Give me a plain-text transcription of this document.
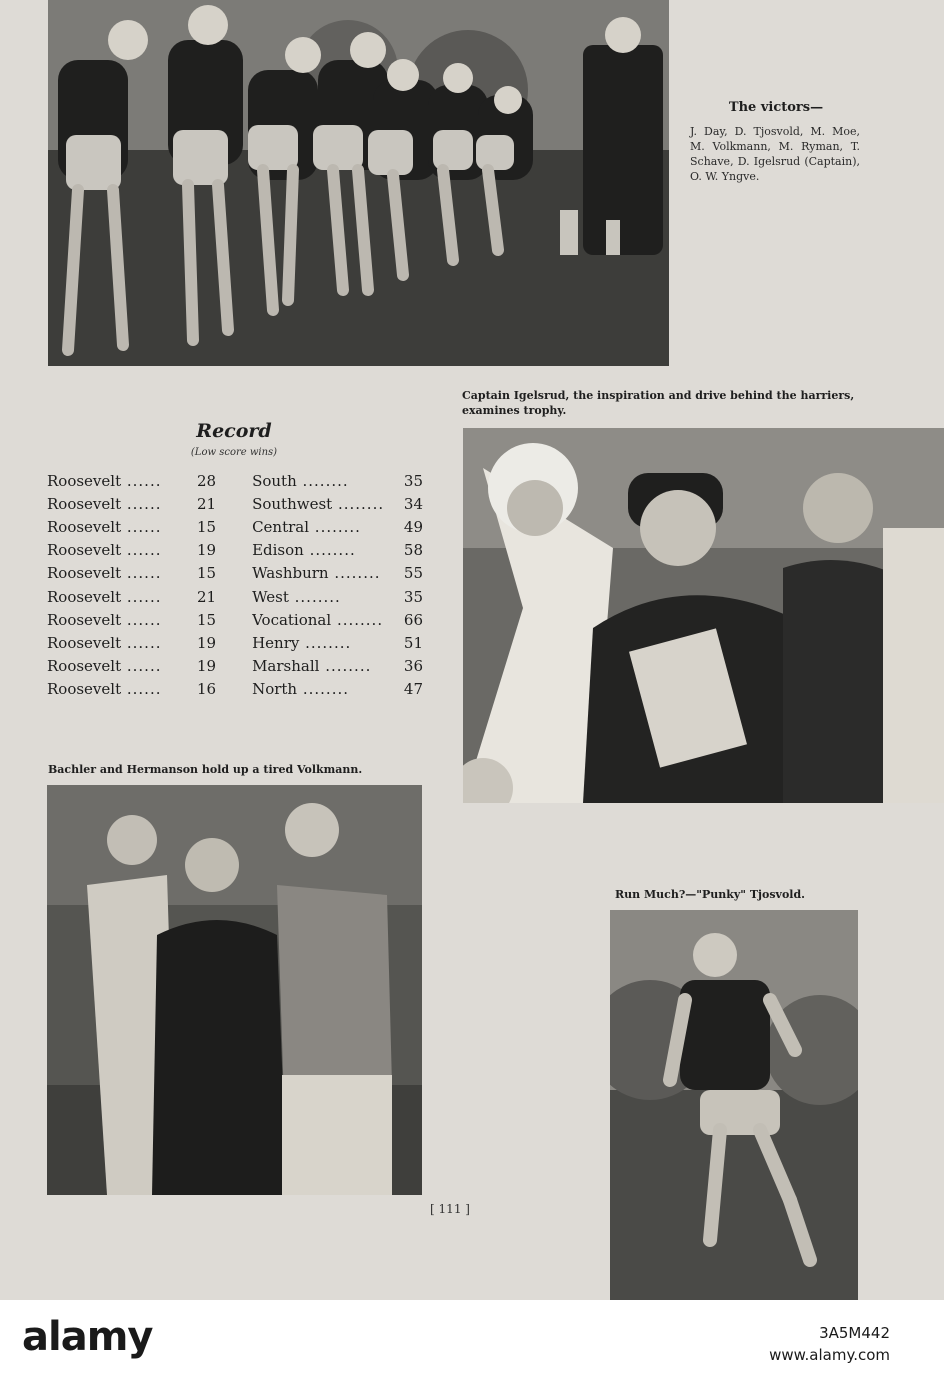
The victors—
J. Day, D. Tjosvold, M. Moe, M. Volkmann, M. Ryman, T. Schave, D. Igelsrud (Captain), O. W. Yngve.
Record
(Low score wins)
Roosevelt ......	28	South ........	35
Roosevelt ......	21	Southwest ........	34
Roosevelt ......	15	Central ........	49
Roosevelt ......	19	Edison ........	58
Roosevelt ......	15	Washburn ........	55
Roosevelt ......	21	West ........	35
Roosevelt ......	15	Vocational ........	66
Roosevelt ......	19	Henry ........	51
Roosevelt ......	19	Marshall ........	36
Roosevelt ......	16	North ........	47
Captain Igelsrud, the inspiration and drive behind the harriers, examines trophy.
Bachler and Hermanson hold up a tired Volkmann.
Run Much?—"Punky" Tjosvold.
[ 111 ]
alamy	3A5M442
www.alamy.com
